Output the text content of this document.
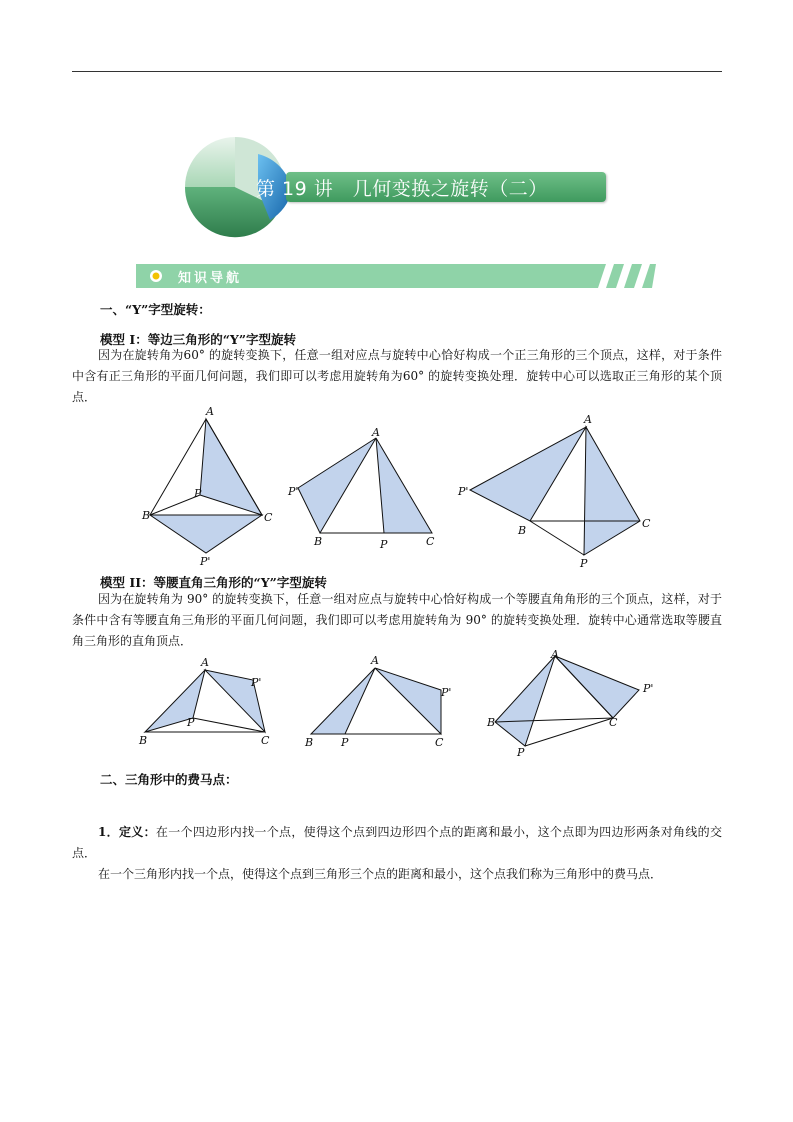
第 19 讲　几何变换之旋转（二）
知识导航
一、“Y”字型旋转：
模型 I：等边三角形的“Y”字型旋转

因为在旋转角为60° 的旋转变换下，任意一组对应点与旋转中心恰好构成一个正三角形的三个顶点，这样，对于条件中含有正三角形的平面几何问题，我们即可以考虑用旋转角为60° 的旋转变换处理．旋转中心可以选取正三角形的某个顶点．

A
P
B	C
P'
A
P'
B	P	C
A
P'
B
C
P
模型 II：等腰直角三角形的“Y”字型旋转

因为在旋转角为 90° 的旋转变换下，任意一组对应点与旋转中心恰好构成一个等腰直角角形的三个顶点，这样，对于条件中含有等腰直角三角形的平面几何问题，我们即可以考虑用旋转角为 90° 的旋转变换处理．旋转中心通常选取等腰直角三角形的直角顶点．

A
P'
P
B	C
A
P'
B	P	C
A
P'
B	C
P
二、三角形中的费马点：

1．定义：在一个四边形内找一个点，使得这个点到四边形四个点的距离和最小，这个点即为四边形两条对角线的交点．

在一个三角形内找一个点，使得这个点到三角形三个点的距离和最小，这个点我们称为三角形中的费马点．
